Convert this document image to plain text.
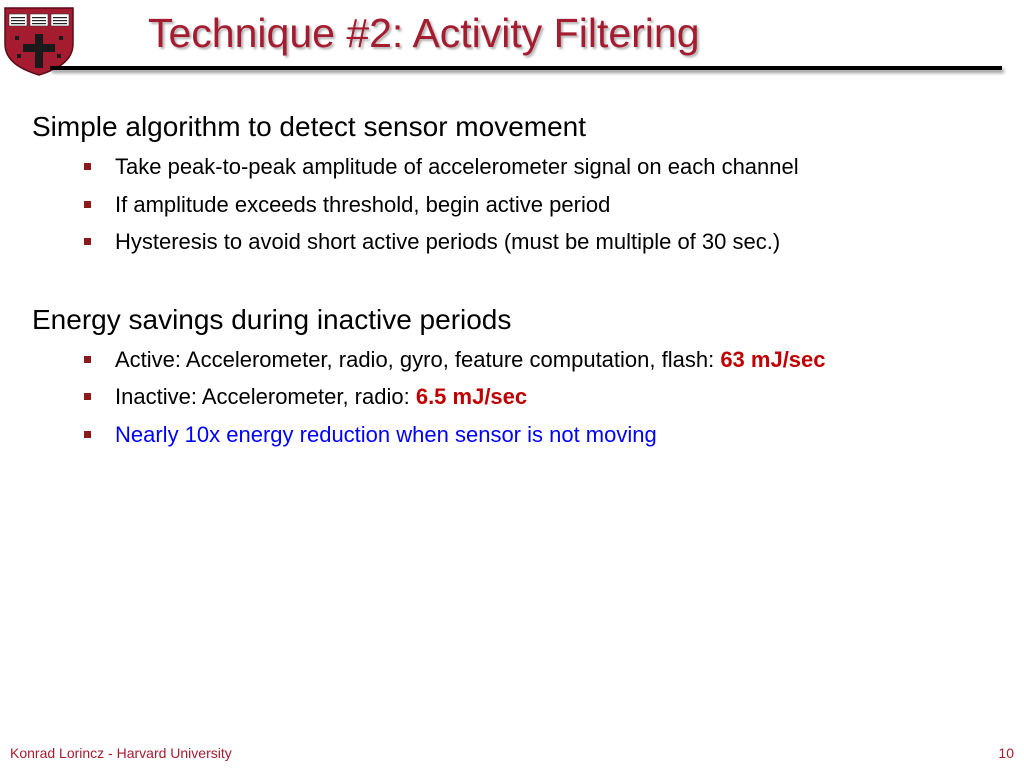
Technique #2: Activity Filtering
Simple algorithm to detect sensor movement
Take peak-to-peak amplitude of accelerometer signal on each channel
If amplitude exceeds threshold, begin active period
Hysteresis to avoid short active periods (must be multiple of 30 sec.)
Energy savings during inactive periods
Active: Accelerometer, radio, gyro, feature computation, flash: 63 mJ/sec
Inactive: Accelerometer, radio: 6.5 mJ/sec
Nearly 10x energy reduction when sensor is not moving
Konrad Lorincz - Harvard University	10
